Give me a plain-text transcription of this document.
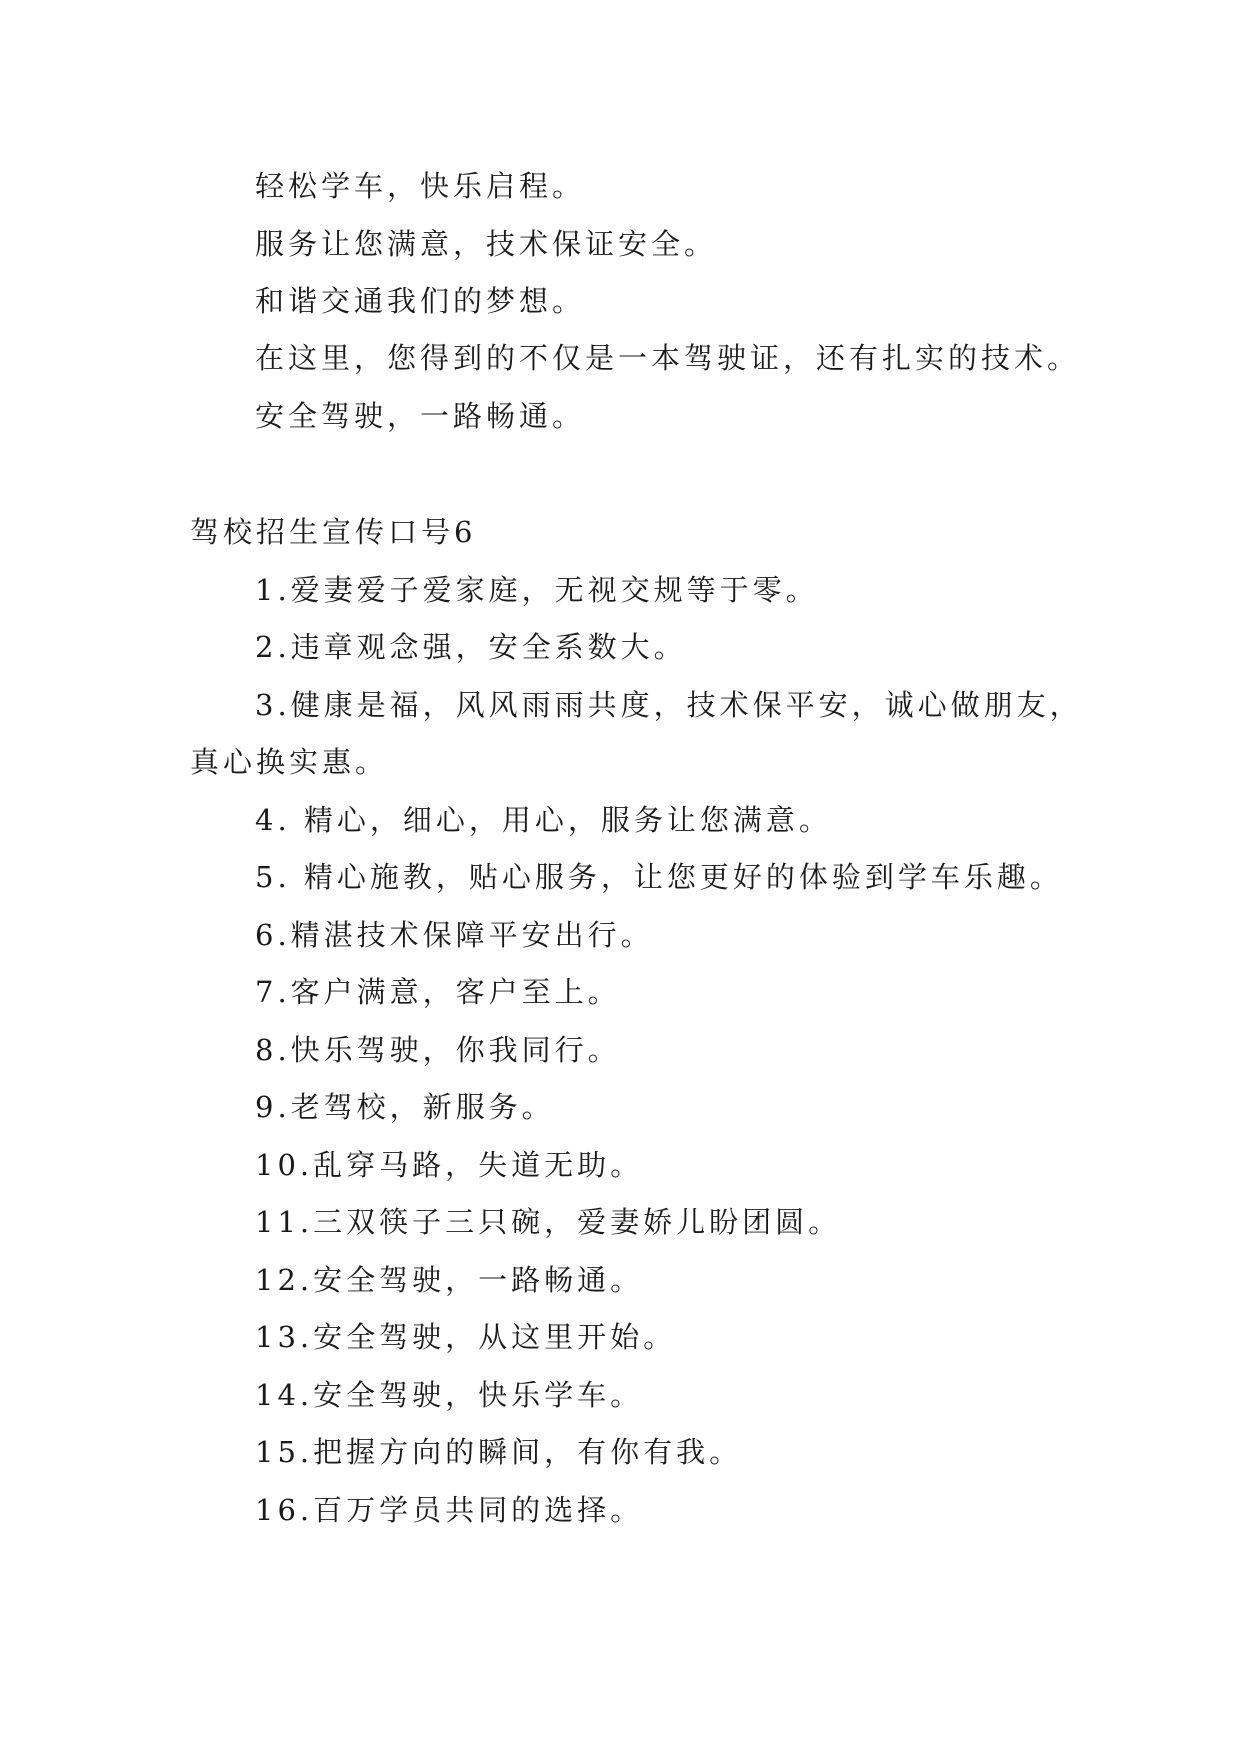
轻松学车，快乐启程。
服务让您满意，技术保证安全。
和谐交通我们的梦想。
在这里，您得到的不仅是一本驾驶证，还有扎实的技术。
安全驾驶，一路畅通。
驾校招生宣传口号6
1.爱妻爱子爱家庭，无视交规等于零。
2.违章观念强，安全系数大。
3.健康是福，风风雨雨共度，技术保平安，诚心做朋友，
真心换实惠。
4. 精心，细心，用心，服务让您满意。
5. 精心施教，贴心服务，让您更好的体验到学车乐趣。
6.精湛技术保障平安出行。
7.客户满意，客户至上。
8.快乐驾驶，你我同行。
9.老驾校，新服务。
10.乱穿马路，失道无助。
11.三双筷子三只碗，爱妻娇儿盼团圆。
12.安全驾驶，一路畅通。
13.安全驾驶，从这里开始。
14.安全驾驶，快乐学车。
15.把握方向的瞬间，有你有我。
16.百万学员共同的选择。
